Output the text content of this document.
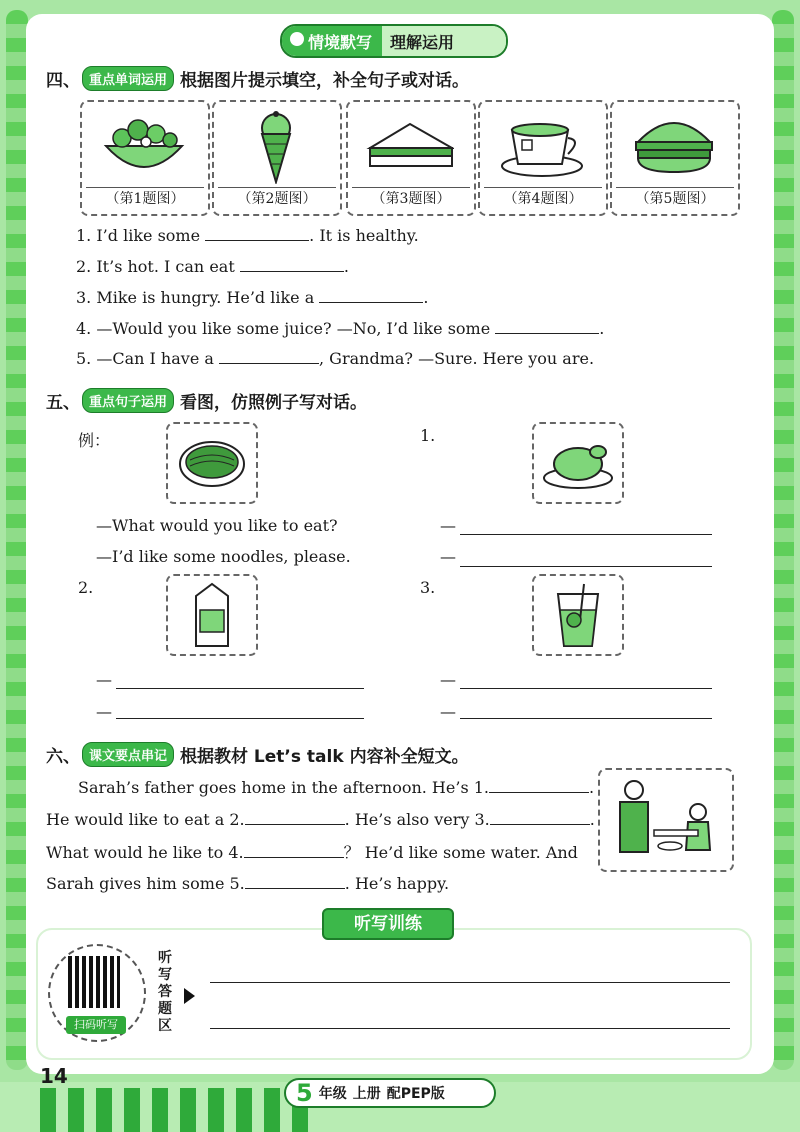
情境默写	理解运用
四、 重点单词运用 根据图片提示填空，补全句子或对话。
（第1题图）	（第2题图）	（第3题图）	（第4题图）	（第5题图）
1. I’d like some	. It is healthy.
2. It’s hot. I can eat	.
3. Mike is hungry. He’d like a	.
4. —Would you like some juice? —No, I’d like some	.
5. —Can I have a	, Grandma? —Sure. Here you are.
五、 重点句子运用 看图，仿照例子写对话。
例：
—What would you like to eat?
—I’d like some noodles, please.
1.
—
—
2.	3.
—
—
—
—
六、 课文要点串记 根据教材 Let’s talk 内容补全短文。
Sarah’s father goes home in the afternoon. He’s 1.	.
He would like to eat a 2.	. He’s also very 3.	.
What would he like to 4.	？ He’d like some water. And
Sarah gives him some 5.	. He’s happy.
听写训练
扫码听写
听写答题区
14
5 年级 上册 配PEP版
